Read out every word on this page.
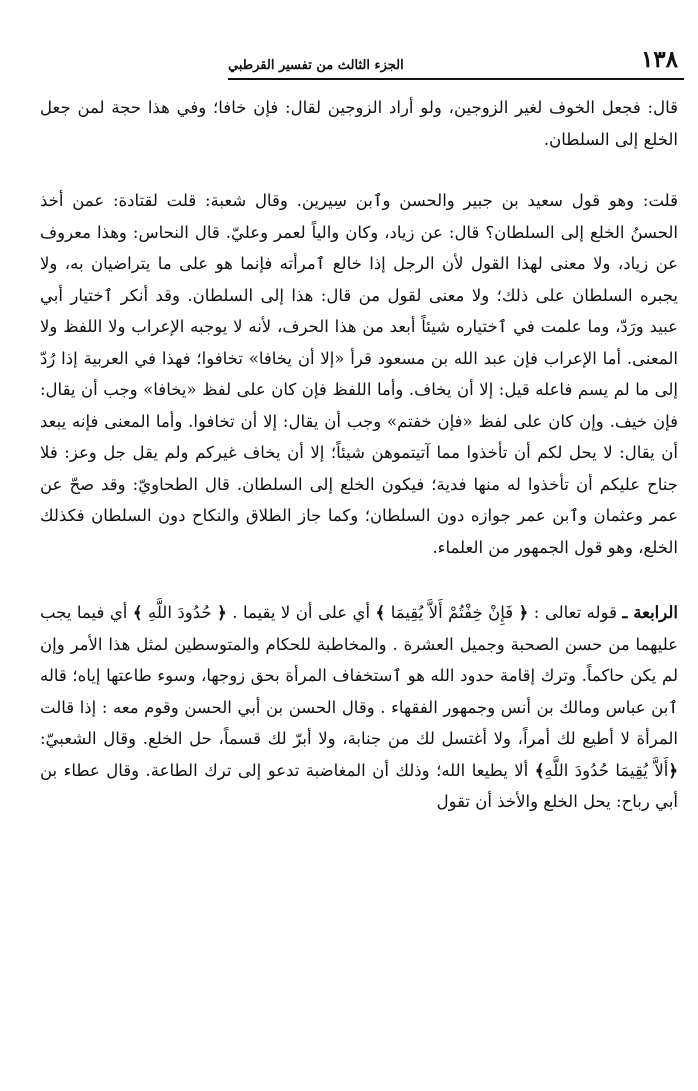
١٣٨
الجزء الثالث من تفسير القرطبي

قال: فجعل الخوف لغير الزوجين، ولو أراد الزوجين لقال: فإن خافا؛ وفي هذا حجة لمن جعل الخلع إلى السلطان.

قلت: وهو قول سعيد بن جبير والحسن وٱبن سِيرين. وقال شعبة: قلت لقتادة: عمن أخذ الحسنُ الخلع إلى السلطان؟ قال: عن زياد، وكان والياً لعمر وعليّ. قال النحاس: وهذا معروف عن زياد، ولا معنى لهذا القول لأن الرجل إذا خالع ٱمرأته فإنما هو على ما يتراضيان به، ولا يجبره السلطان على ذلك؛ ولا معنى لقول من قال: هذا إلى السلطان. وقد أنكر ٱختيار أبي عبيد ورَدّ، وما علمت في ٱختياره شيئاً أبعد من هذا الحرف، لأنه لا يوجبه الإعراب ولا اللفظ ولا المعنى. أما الإعراب فإن عبد الله بن مسعود قرأ «إلا أن يخافا» تخافوا؛ فهذا في العربية إذا رُدّ إلى ما لم يسم فاعله قيل: إلا أن يخاف. وأما اللفظ فإن كان على لفظ «يخافا» وجب أن يقال: فإن خيف. وإن كان على لفظ «فإن خفتم» وجب أن يقال: إلا أن تخافوا. وأما المعنى فإنه يبعد أن يقال: لا يحل لكم أن تأخذوا مما آتيتموهن شيئاً؛ إلا أن يخاف غيركم ولم يقل جل وعز: فلا جناح عليكم أن تأخذوا له منها فدية؛ فيكون الخلع إلى السلطان. قال الطحاويّ: وقد صحّ عن عمر وعثمان وٱبن عمر جوازه دون السلطان؛ وكما جاز الطلاق والنكاح دون السلطان فكذلك الخلع، وهو قول الجمهور من العلماء.

الرابعة ـ قوله تعالى : ﴿ فَإِنْ خِفْتُمْ أَلاَّ يُقِيمَا ﴾ أي على أن لا يقيما . ﴿ حُدُودَ اللَّهِ ﴾ أي فيما يجب عليهما من حسن الصحبة وجميل العشرة . والمخاطبة للحكام والمتوسطين لمثل هذا الأمر وإن لم يكن حاكماً. وترك إقامة حدود الله هو ٱستخفاف المرأة بحق زوجها، وسوء طاعتها إياه؛ قاله ٱبن عباس ومالك بن أنس وجمهور الفقهاء . وقال الحسن بن أبي الحسن وقوم معه : إذا قالت المرأة لا أطيع لك أمراً، ولا أغتسل لك من جنابة، ولا أبرّ لك قسماً، حل الخلع. وقال الشعبيّ: ﴿أَلاَّ يُقِيمَا حُدُودَ اللَّهِ﴾ ألا يطيعا الله؛ وذلك أن المغاضبة تدعو إلى ترك الطاعة. وقال عطاء بن أبي رباح: يحل الخلع والأخذ أن تقول
